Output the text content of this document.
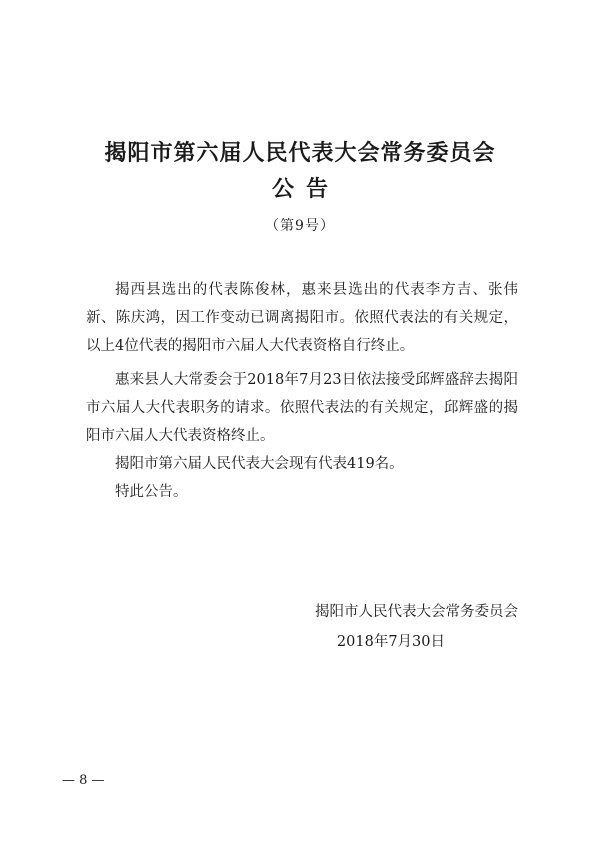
揭阳市第六届人民代表大会常务委员会
公告
（第9号）

揭西县选出的代表陈俊林，惠来县选出的代表李方吉、张伟新、陈庆鸿，因工作变动已调离揭阳市。依照代表法的有关规定，以上4位代表的揭阳市六届人大代表资格自行终止。

惠来县人大常委会于2018年7月23日依法接受邱辉盛辞去揭阳市六届人大代表职务的请求。依照代表法的有关规定，邱辉盛的揭阳市六届人大代表资格终止。

揭阳市第六届人民代表大会现有代表419名。

特此公告。

揭阳市人民代表大会常务委员会
2018年7月30日
— 8 —
